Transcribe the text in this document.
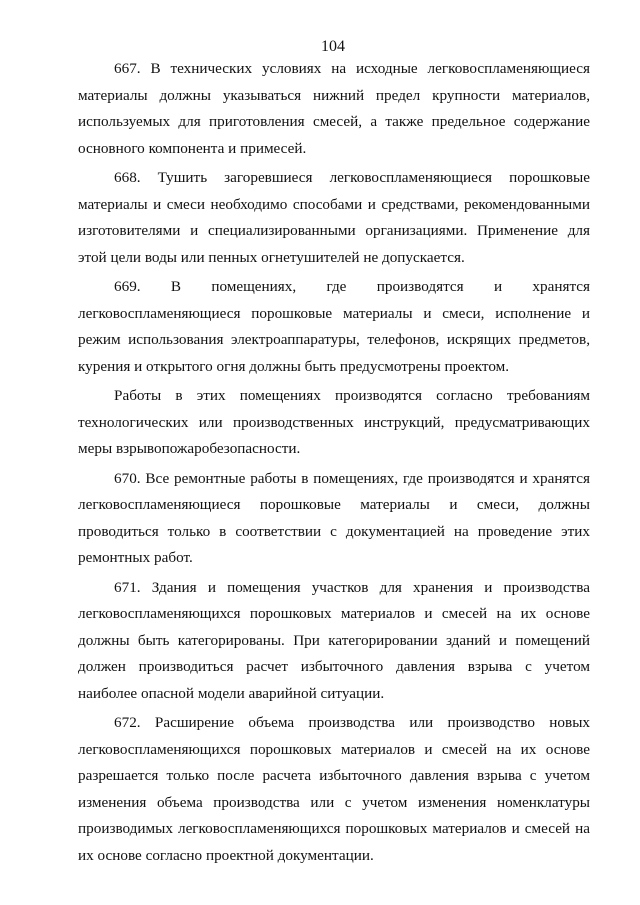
104

667. В технических условиях на исходные легковоспламеняющиеся материалы должны указываться нижний предел крупности материалов, используемых для приготовления смесей, а также предельное содержание основного компонента и примесей.

668. Тушить загоревшиеся легковоспламеняющиеся порошковые материалы и смеси необходимо способами и средствами, рекомендованными изготовителями и специализированными организациями. Применение для этой цели воды или пенных огнетушителей не допускается.

669. В помещениях, где производятся и хранятся легковоспламеняющиеся порошковые материалы и смеси, исполнение и режим использования электроаппаратуры, телефонов, искрящих предметов, курения и открытого огня должны быть предусмотрены проектом.

Работы в этих помещениях производятся согласно требованиям технологических или производственных инструкций, предусматривающих меры взрывопожаробезопасности.

670. Все ремонтные работы в помещениях, где производятся и хранятся легковоспламеняющиеся порошковые материалы и смеси, должны проводиться только в соответствии с документацией на проведение этих ремонтных работ.

671. Здания и помещения участков для хранения и производства легковоспламеняющихся порошковых материалов и смесей на их основе должны быть категорированы. При категорировании зданий и помещений должен производиться расчет избыточного давления взрыва с учетом наиболее опасной модели аварийной ситуации.

672. Расширение объема производства или производство новых легковоспламеняющихся порошковых материалов и смесей на их основе разрешается только после расчета избыточного давления взрыва с учетом изменения объема производства или с учетом изменения номенклатуры производимых легковоспламеняющихся порошковых материалов и смесей на их основе согласно проектной документации.
